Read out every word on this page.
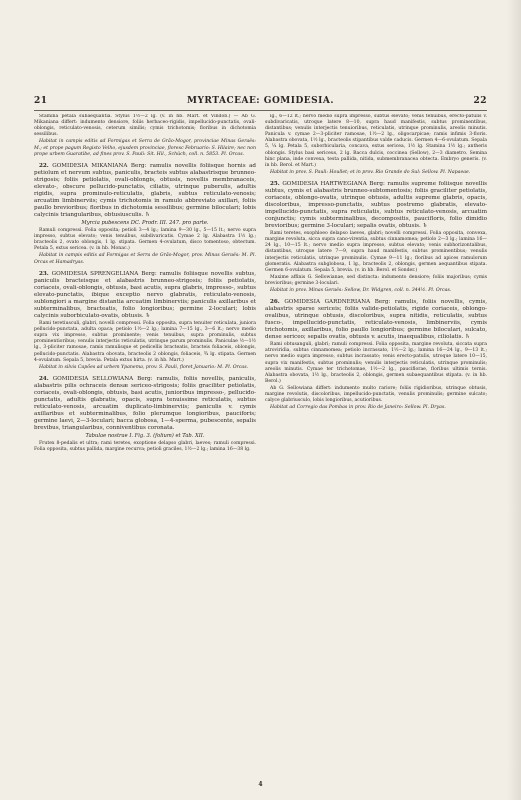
21	MYRTACEAE: GOMIDESIA.	22

Stamina petala subaequantia. Stylus 1½—2 lg. (v. in hb. Mart. et Vindob.) — Ab G. Mikaniana differt: indumento densiore, foliis herbaceo-rigidis, impellucido-punctatis, ovali-oblongis, reticulato-venosis, ceterum similis; cymis trichotomis; floribus in dichotomia sessilibus.

Habitat in campis editis ad Formigas et Serra de Grão-Mogor, provinciae Minas Geraës: M.; et prope pagum Registo Velho, ejusdem provinciae, floresc Februario: S. Hilaire; nec non prope urbem Guaratibe, ad fines prov. S. Pauli: Sit. Hil., Schüch, coll. n. 5853. Pl. Orcas.

22. GOMIDESIA MIKANIANA Berg: ramulis novellis foliisque hornis ad petiolum et nervum subtus, paniculis, bracteis subtus alabastrisque brunneo-strigosis; foliis petiolatis, ovali-oblongis, obtusis, novellis membranaceis, elevato-, obscure pellucido-punctatis, ciliatis, utrinque puberulis, adultis rigidis, supra prominulo-reticulatis, glabris, subtus reticulato-venosis; arcuatim limbinerviis; cymis trichotomis in ramulo abbreviato axillari, foliis paullo brevioribus; floribus in dichotomia sessilibus; germine biloculari; lobis calycinis triangularibus, obtusiusculis. ♄

Myrcia pubescens DC. Prodr. III. 247. pro parte.

Ramuli compressi. Folia opposita; petioli 3—4 lg.; lamina 9—30 lg., 5—15 lt.; nervo supra impresso, subtus elevato; venis tenuibus, subdivaricatis. Cymae 2 lg. Alabastra 1½ lg.; bracteolis 2, ovato oblongis, 1 lg. stipata. Germen 4-ovulatum, disco tomentoso, obtectum. Petala 5, extus sericea. (v. in hb. Monac.)

Habitat in campis editis ad Formigas et Serra de Grão-Mogor, prov. Minas Geraës: M. Pl. Orcas et Hamadryas.

23. GOMIDESIA SPRENGELIANA Berg: ramulis foliisque novellis subtus, paniculis bracteisque et alabastris brunneo-strigosis; foliis petiolatis, coriaceis, ovali-oblongis, obtusis, basi acutis, supra glabris, impresso-, subtus elevato-punctatis, ibique exceptio nervo glabratis, reticulato-venosis, sublongiori a margine distantia arcuatim limbinerviis; paniculis axillaribus et subterminalibus, bracteatis, folio longioribus; germine 2-loculari; lobis calycinis suborbiculato-ovatis, obtusis. ♄

Rami teretiusculi, glabri, novelli compressi. Folia opposita, supra tenuiter reticulata, juniora pellucido-punctata, adulta opaca; petiolo 1½—2 lg.; lamina 7—15 lg., 3—6 lt.; nervo medio supra vix impresso, subtus prominente; venis tenuibus, supra prominulis, subtus prominentioribus; venulis interjectis reticulatis, utrinque parum prominulis. Paniculae ½—1½ lg., 3-pliciter ramosae, ramis ramulisque et pedicellis bracteatis, bracteis foliaceis, oblongis, pellucido-punctatis. Alabastra obovata, bracteolis 2 oblongis, foliaceis, ¾ lg. stipata. Germen 4-ovulatum. Sepala 5, brevia. Petala extus hirta. (v. in hb. Mart.)

Habitat in silvis Capões ad urbem Ypanema, prov. S. Pauli, floret Januario: M. Pl. Orcas.

24. GOMIDESIA SELLOWIANA Berg: ramulis, foliis novellis, paniculis, alabastris pilis ochraceis densæ sericeo-strigosis; foliis graciliter petiolatis, coriaceis, ovali-oblongis, obtusis, basi acutis, junioribus impresso-, pellucido-punctatis, adultis glabratis, opacis, supra tenuissime reticulatis, subtus reticulato-venosis, arcuatim duplicato-limbinerviis; paniculis v. cymis axillaribus et subterminalibus, folio plerumque longioribus, pauciforis; germine laevi, 2—3-loculari; bacca globosa, 1—4-sperma, pubescente, sepalis brevibus, triangularibus, conniventibus coronata.

Tabulae nostrae I. Fig. 3. (folium) et Tab. XII.

Frutex 8-pedalis et ultra; rami teretes, exoptione delapso glabri, laeves; ramuli compressi. Folia opposita, subtus pallida, margine recurva; petioli graciles, 1½—2 lg.; lamina 16—38 lg.

lg., 6—12 lt.; nervo medio supra impresso, subtus elevato; venis tenuibus, erecto-patulis v. subdivaricatis, utroque latere 8—10, supra haud manifestis, subtus prominentibus, distantibus; venulis interjectis tenuioribus, reticulatis, utrinque prominulis, areolis minutis. Panicula v. cymae 2—3-pliciter ramosae, 1½—2 lg., oligocarpicae; ramis infimis 3-floris. Alabastra obovata, 1½ lg., bracteolis stipantibus valde caducis. Germen 4—6-ovulatum. Sepala 5, ¼ lg. Petala 5, suborbicularia, concava, extus sericea, 1½ lg. Stamina 1½ lg.; antheris oblongis. Stylus basi sericeus, 2 lg. Bacca dulcis, coccinea (Sellow), 2—3 diametro. Semina hinc plana, inde convexa, testa pallida, nitida, submembranacea obtecta. Embryo generis. (v. in hb. Berol. et Mart.)

Habitat in prov. S. Pauli: Houllet; et in prov. Rio Grande do Sul: Sellow. Pl. Napaeae.

25. GOMIDESIA HARTWEGIANA Berg: ramulis supreme foliisque novellis subtus, cymis et alabastris brunneo-subtomentosis; foliis graciliter petiolatis, coriaceis, oblongo-ovatis, utrinque obtusis, adultis supreme glabris, opacis, discoloribus, impresso-punctatis, subtus postremo glabratis, elevato-impellucido-punctatis, supra reticulatis, subtus reticulato-venosis, arcuatim conjunctis; cymis subterminalibus, decompositis, paucifloris, folio dimidio brevioribus; germine 3-loculari; sepalis ovatis, obtusis. ♄

Rami teretes, exophloeo delapso laeves, glabri; novelli compressi. Folia opposita, convexa, margine revoluta, sicca supra cano-virentia, subtus cinnamomea; petiolo 2—3 lg.; lamina 16—24 lg., 10—15 lt.; nervo medio supra impresso, subtus elevato; venis subhorizontalibus, distantibus, utroque latere 7—9, supra haud manifestis, subtus prominentibus; venulis interjectis reticulatis, utrinque prominulis. Cymae 9—11 lg.; floribus ad apices ramulorum glomeratis. Alabastra subglobosa, 1 lg., bracteolis 2, oblongis, germen aequantibus stipata. Germen 6-ovulatum. Sepala 5, brevia. (v. in hb. Berol. et Sonder.)

Maxime affinis G. Sellowianae, sed distincta: indumento densiore; foliis majoribus; cymis brevioribus; germine 3-loculari.

Habitat in prov. Minas Geraës: Sellow, Dr. Widgren, coll. n. 344½. Pl. Orcas.

26. GOMIDESIA GARDNERIANA Berg: ramulis, foliis novellis, cymis, alabastris sparse sericeis; foliis valide-petiolatis, rigide coriaceis, oblongo-ovalibus, utrinque obtusis, discoloribus, supra nitidis, reticulatis, subtus fusco-, impellucido-punctatis, reticulato-venosis, limbinerviis, cymis trichotomis, axillaribus, folio paullo longioribus; germine biloculari, sulcato, dense sericeo; sepalis ovatis, obtusis v. acutis, inaequalibus, ciliolatis. ♄

Rami obtusanguli, glabri; ramuli compressi. Folia opposita, margine revoluta, siccata supra atroviridia, subtus cinnamomea; petiolo incrassato, 1½—2 lg.; lamina 16—24 lg., 9—13 lt.; nervo medio supra impresso, subtus incrassato; venis erecto-patulis, utroque latere 10—15, supra vix manifestis, subtus prominulis; venulis interjectis reticulatis, utrinque prominulis; areolis minutis. Cymae ter trichotomae, 1½—2 lg., pauciflorae, floribus ultimis ternis. Alabastra obovata, 1½ lg., bracteolis 2, oblongis, germen subaequantibus stipata. (v. in hb. Berol.)

Ab G. Sellowiana differt: indumento multo rariore; foliis rigidioribus, utrinque obtusis, margine revolutis, discoloribus, impellucido-punctatis, venulis prominulis; germine sulcato; calyce glabriusculo, lobis longioribus, acutioribus.

Habitat ad Corregio das Pombas in prov. Rio de Janeiro: Sellow. Pl. Dryas.

4
